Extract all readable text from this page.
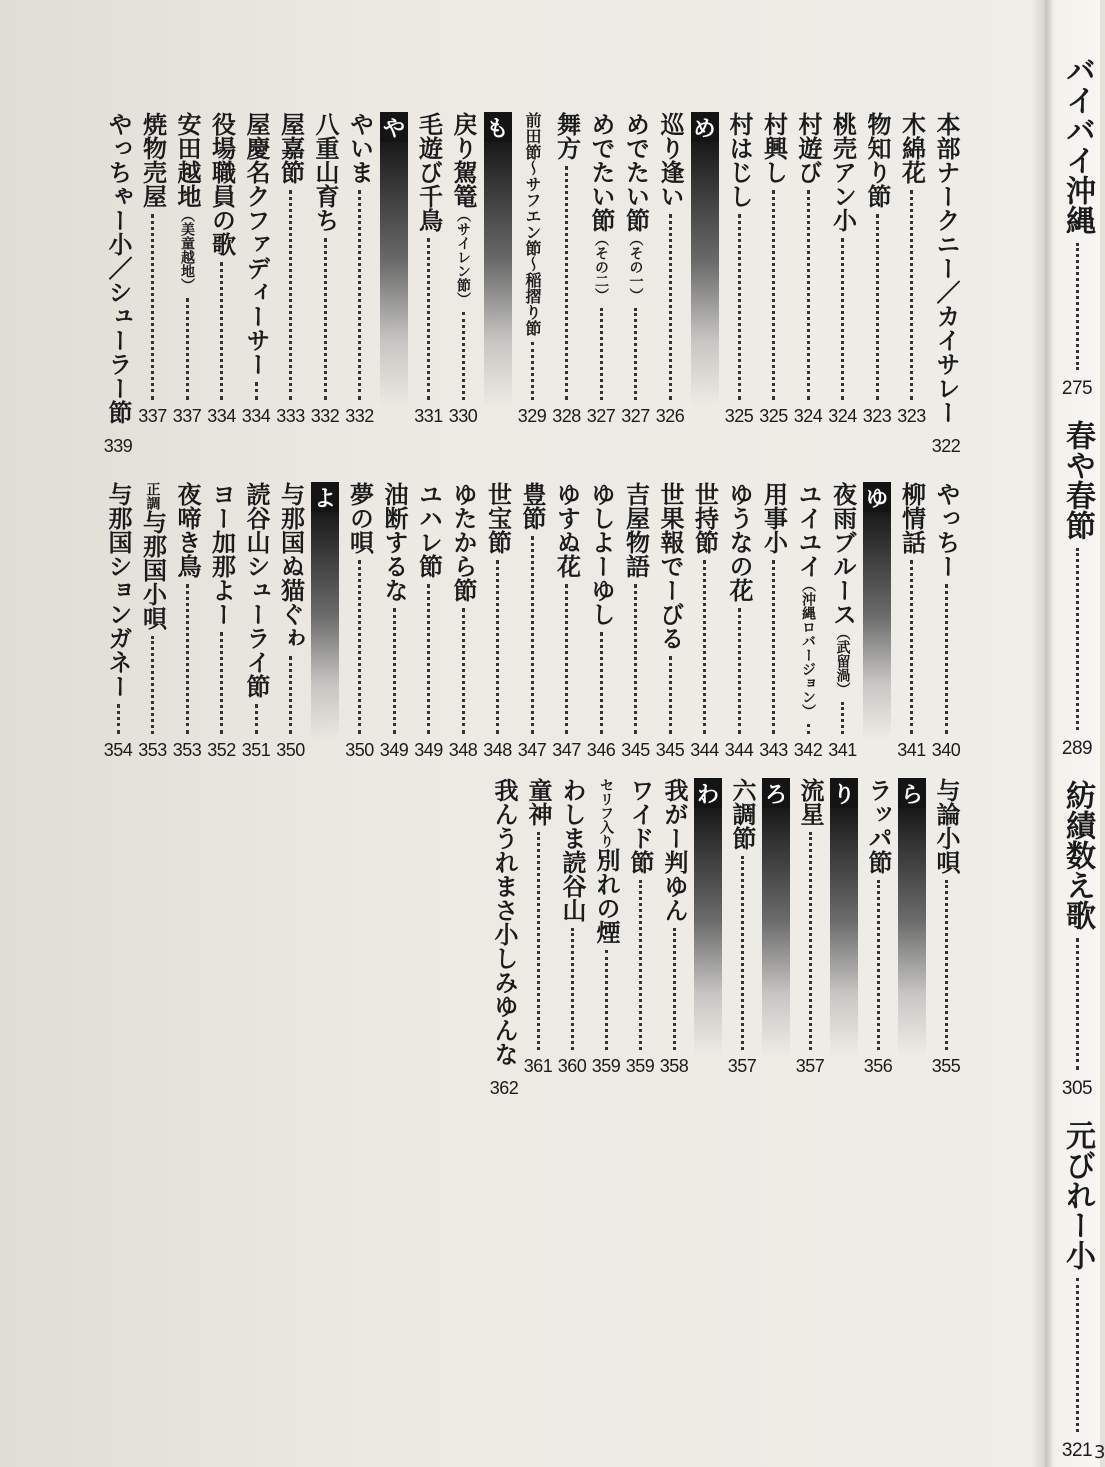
本部ナークニー／カイサレー
322
木綿花
323
物知り節
323
桃売アン小
324
村遊び
324
村興し
325
村はじし
325
め
巡り逢い
326
めでたい節（その一）
327
めでたい節（その二）
327
舞方
328
前田節～サフエン節～稲摺り節
329
も
戻り駕篭（サイレン節）
330
毛遊び千鳥
331
や
やいま
332
八重山育ち
332
屋嘉節
333
屋慶名クファディーサー
334
役場職員の歌
334
安田越地（美童越地）
337
焼物売屋
337
やっちゃー小／シューラー節
339
やっちー
340
柳情話
341
ゆ
夜雨ブルース（武留渦）
341
ユイユイ（沖縄ロバージョン）
342
用事小
343
ゆうなの花
344
世持節
344
世果報でーびる
345
吉屋物語
345
ゆしよーゆし
346
ゆすぬ花
347
豊節
347
世宝節
348
ゆたから節
348
ユハレ節
349
油断するな
349
夢の唄
350
よ
与那国ぬ猫ぐゎ
350
読谷山シューライ節
351
ヨー加那よー
352
夜啼き鳥
353
正調与那国小唄
353
与那国ションガネー
354
与論小唄
355
ら
ラッパ節
356
り
流星
357
ろ
六調節
357
わ
我がー判ゆん
358
ワイド節
359
セリフ入り別れの煙
359
わしま読谷山
360
童神
361
我んうれまさ小しみゆんな
362
バイバイ沖縄
275
春や春節
289
紡績数え歌
305
元びれー小
321 3
